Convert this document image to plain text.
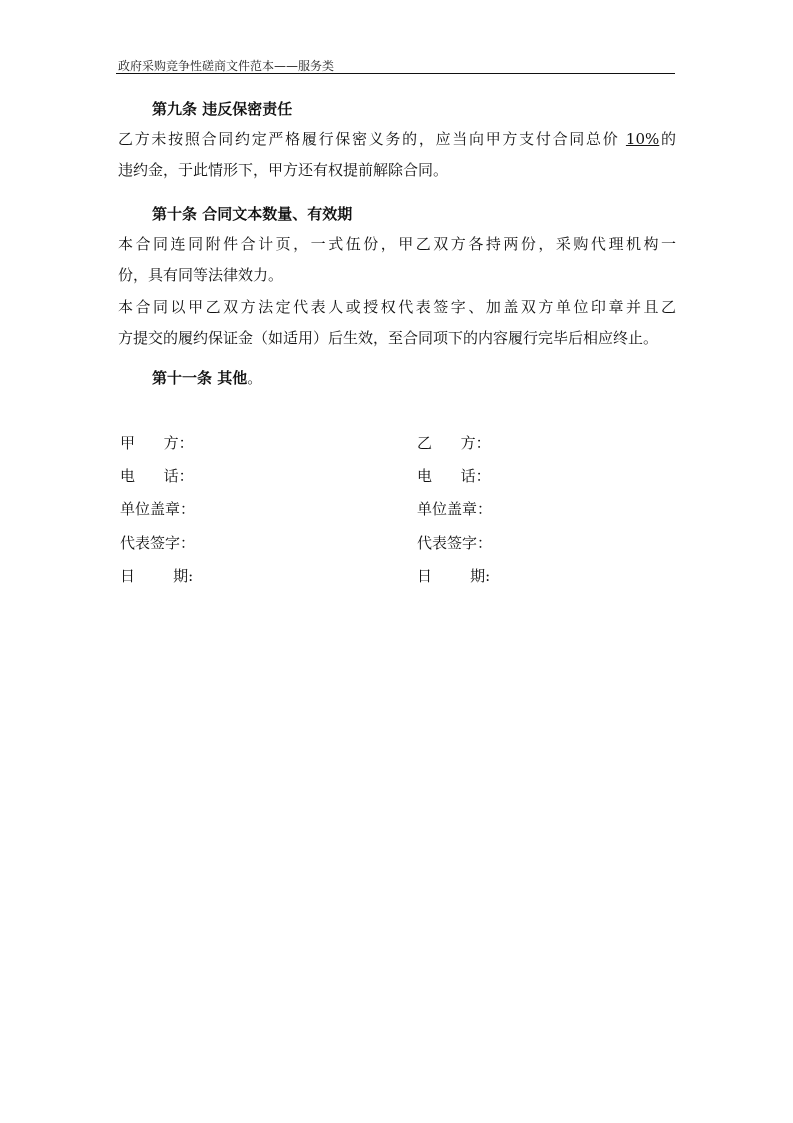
政府采购竞争性磋商文件范本——服务类
第九条 违反保密责任
乙方未按照合同约定严格履行保密义务的，应当向甲方支付合同总价 10%的
违约金，于此情形下，甲方还有权提前解除合同。
第十条 合同文本数量、有效期
本合同连同附件合计页，一式伍份，甲乙双方各持两份，采购代理机构一
份，具有同等法律效力。
本合同以甲乙双方法定代表人或授权代表签字、加盖双方单位印章并且乙
方提交的履约保证金（如适用）后生效，至合同项下的内容履行完毕后相应终止。
第十一条 其他。
甲      方：	乙      方：
电      话：	电      话：
单位盖章：	单位盖章：
代表签字：	代表签字：
日        期:	日        期:
